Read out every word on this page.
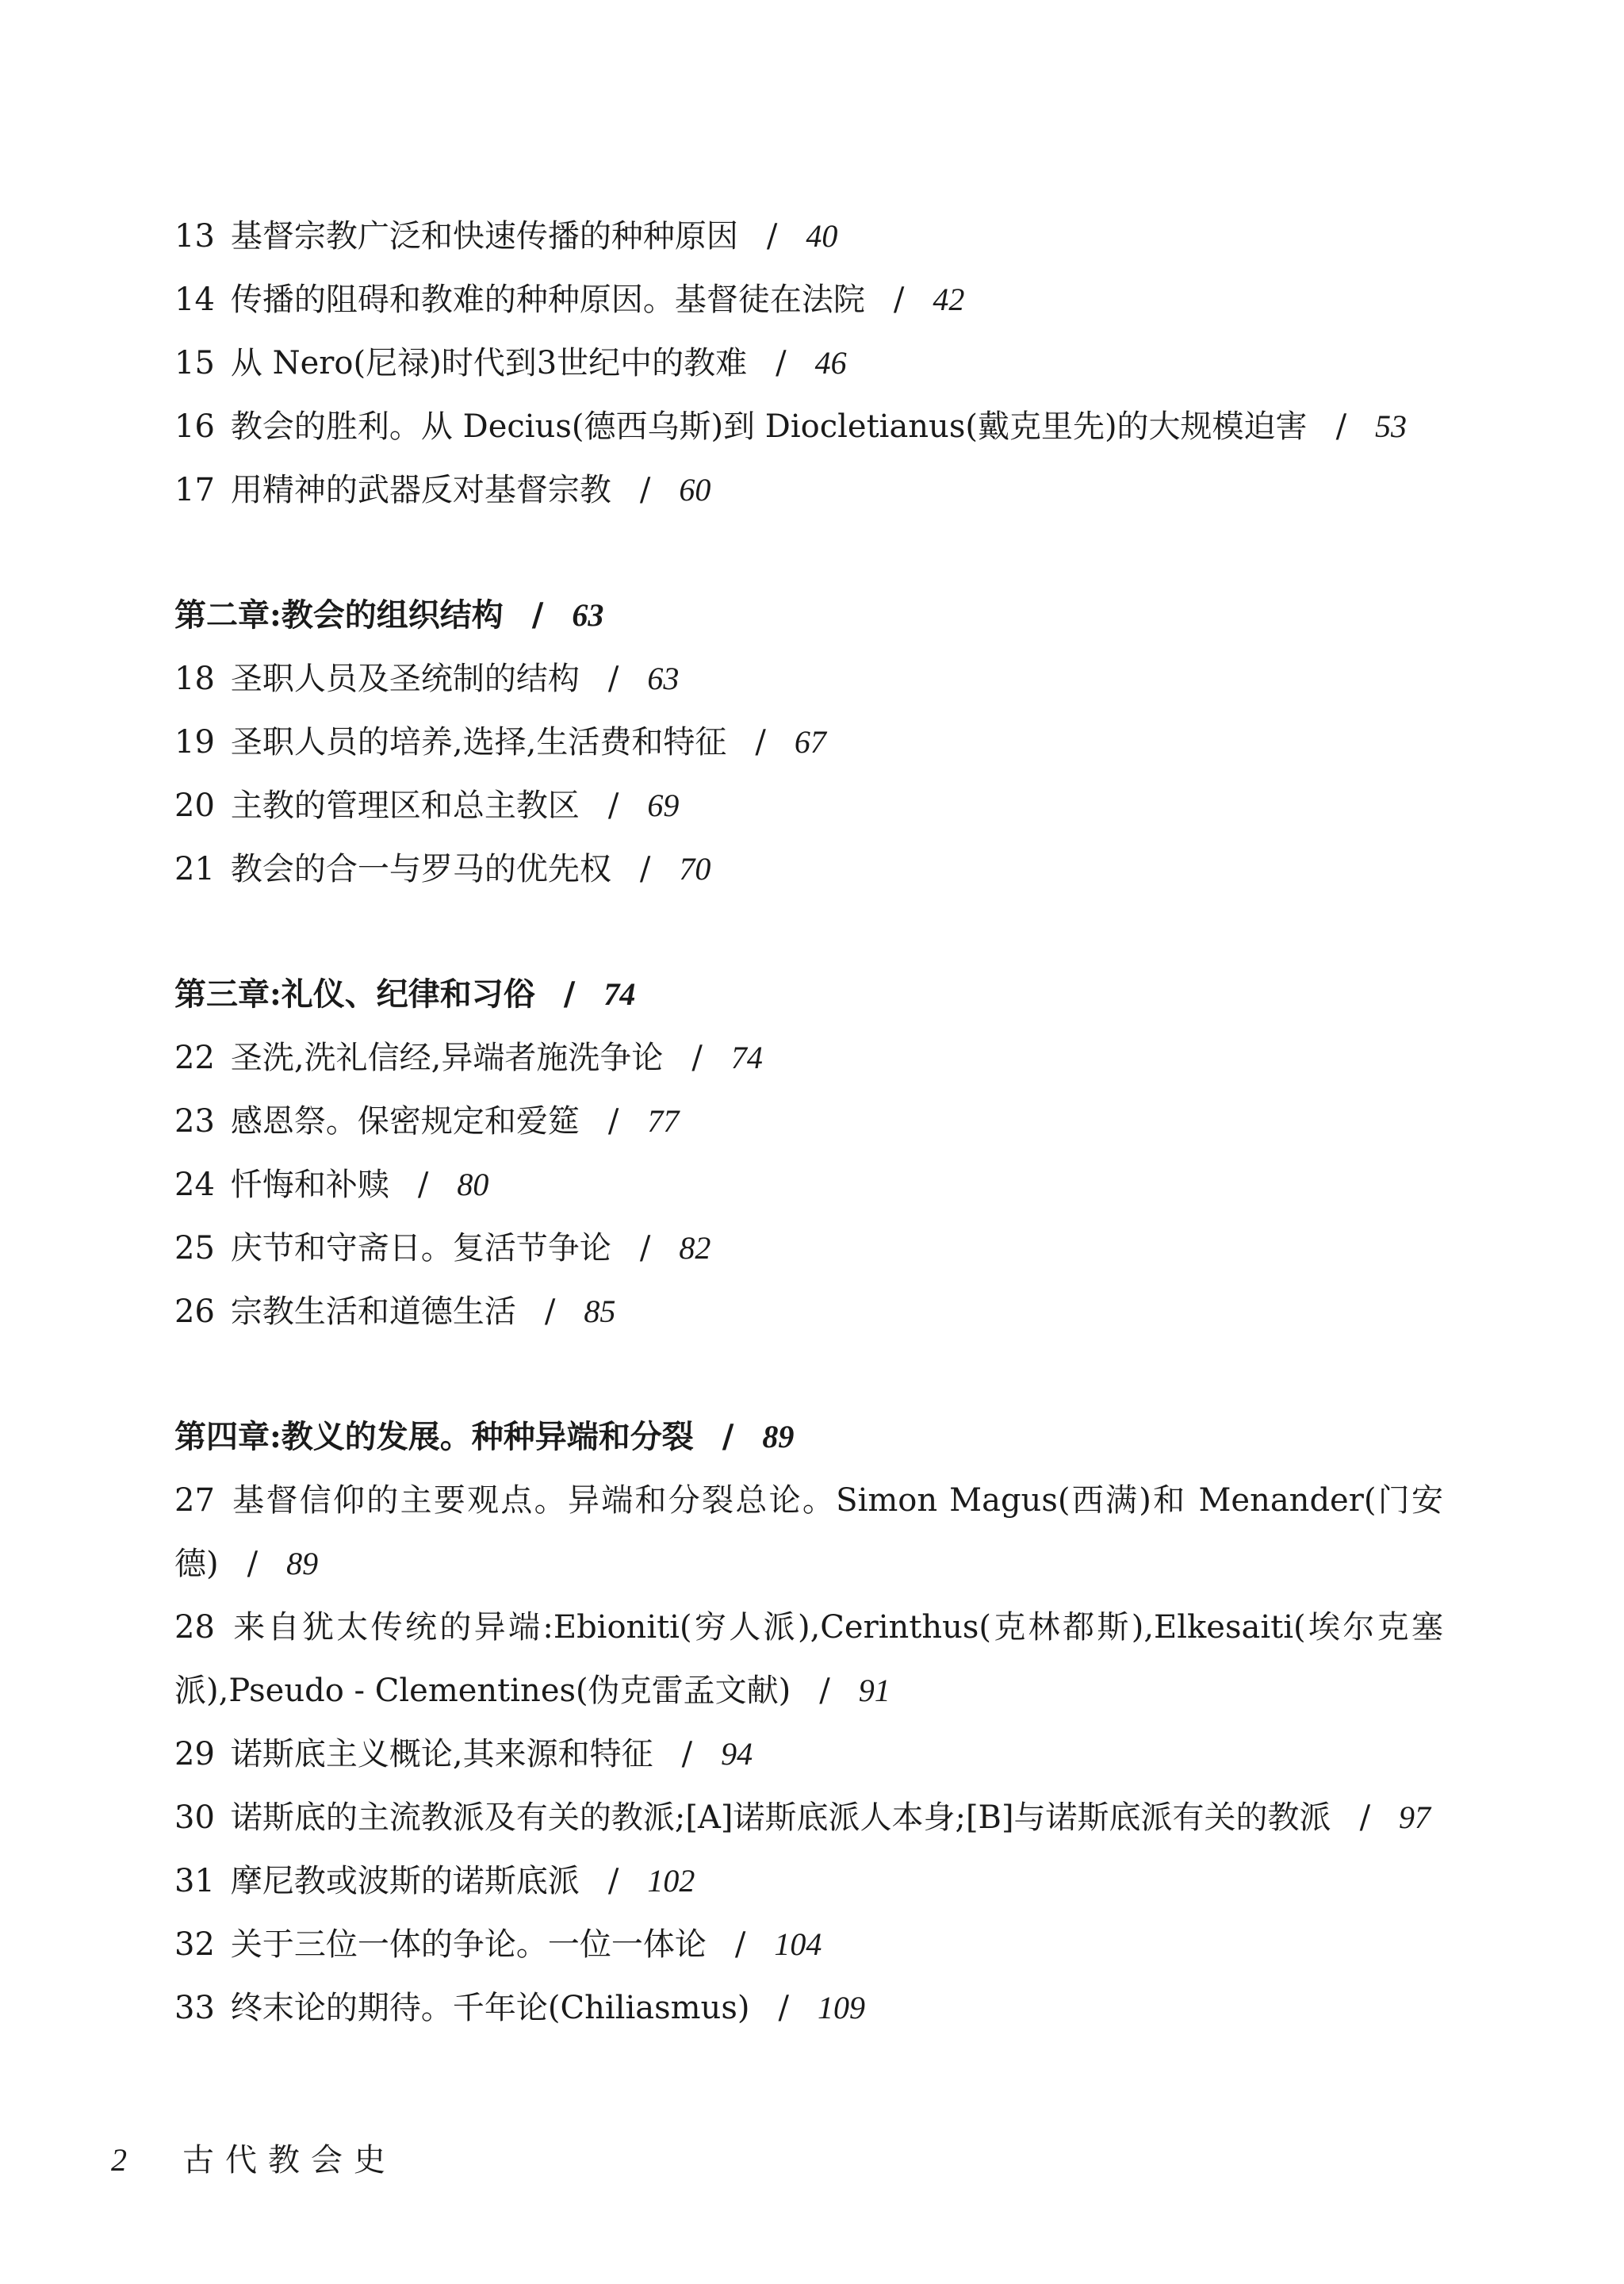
13 基督宗教广泛和快速传播的种种原因 / 40
14 传播的阻碍和教难的种种原因。基督徒在法院 / 42
15 从 Nero(尼禄)时代到3世纪中的教难 / 46
16 教会的胜利。从 Decius(德西乌斯)到 Diocletianus(戴克里先)的大规模迫害 / 53
17 用精神的武器反对基督宗教 / 60
第二章:教会的组织结构 / 63
18 圣职人员及圣统制的结构 / 63
19 圣职人员的培养,选择,生活费和特征 / 67
20 主教的管理区和总主教区 / 69
21 教会的合一与罗马的优先权 / 70
第三章:礼仪、纪律和习俗 / 74
22 圣洗,洗礼信经,异端者施洗争论 / 74
23 感恩祭。保密规定和爱筵 / 77
24 忏悔和补赎 / 80
25 庆节和守斋日。复活节争论 / 82
26 宗教生活和道德生活 / 85
第四章:教义的发展。种种异端和分裂 / 89
27 基督信仰的主要观点。异端和分裂总论。Simon Magus(西满)和 Menander(门安德) / 89
28 来自犹太传统的异端:Ebioniti(穷人派),Cerinthus(克林都斯),Elkesaiti(埃尔克塞派),Pseudo - Clementines(伪克雷孟文献) / 91
29 诺斯底主义概论,其来源和特征 / 94
30 诺斯底的主流教派及有关的教派;[A]诺斯底派人本身;[B]与诺斯底派有关的教派 / 97
31 摩尼教或波斯的诺斯底派 / 102
32 关于三位一体的争论。一位一体论 / 104
33 终末论的期待。千年论(Chiliasmus) / 109
2 古代教会史
